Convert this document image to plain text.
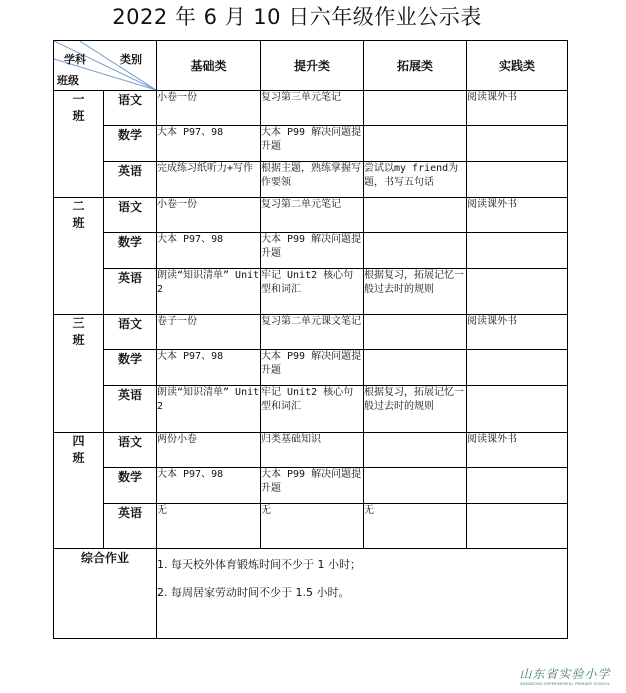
2022 年 6 月 10 日六年级作业公示表
学科 类别
班级		基础类	提升类	拓展类	实践类
一班	语文	小卷一份	复习第三单元笔记		阅读课外书
	数学	大本 P97、98	大本 P99 解决问题提升题		
	英语	完成练习纸听力+写作	根据主题，熟练掌握写作要领	尝试以my friend为题，书写五句话	
二班	语文	小卷一份	复习第二单元笔记		阅读课外书
	数学	大本 P97、98	大本 P99 解决问题提升题		
	英语	朗读“知识清单” Unit 2	牢记 Unit2 核心句型和词汇	根据复习，拓展记忆一般过去时的规则	
三班	语文	卷子一份	复习第二单元课文笔记		阅读课外书
	数学	大本 P97、98	大本 P99 解决问题提升题		
	英语	朗读“知识清单” Unit 2	牢记 Unit2 核心句型和词汇	根据复习，拓展记忆一般过去时的规则	
四班	语文	两份小卷	归类基础知识		阅读课外书
	数学	大本 P97、98	大本 P99 解决问题提升题		
	英语	无	无	无	
综合作业		1. 每天校外体育锻炼时间不少于 1 小时；

2. 每周居家劳动时间不少于 1.5 小时。			

山东省实验小学
SHANDONG EXPERIMENTAL PRIMARY SCHOOL
